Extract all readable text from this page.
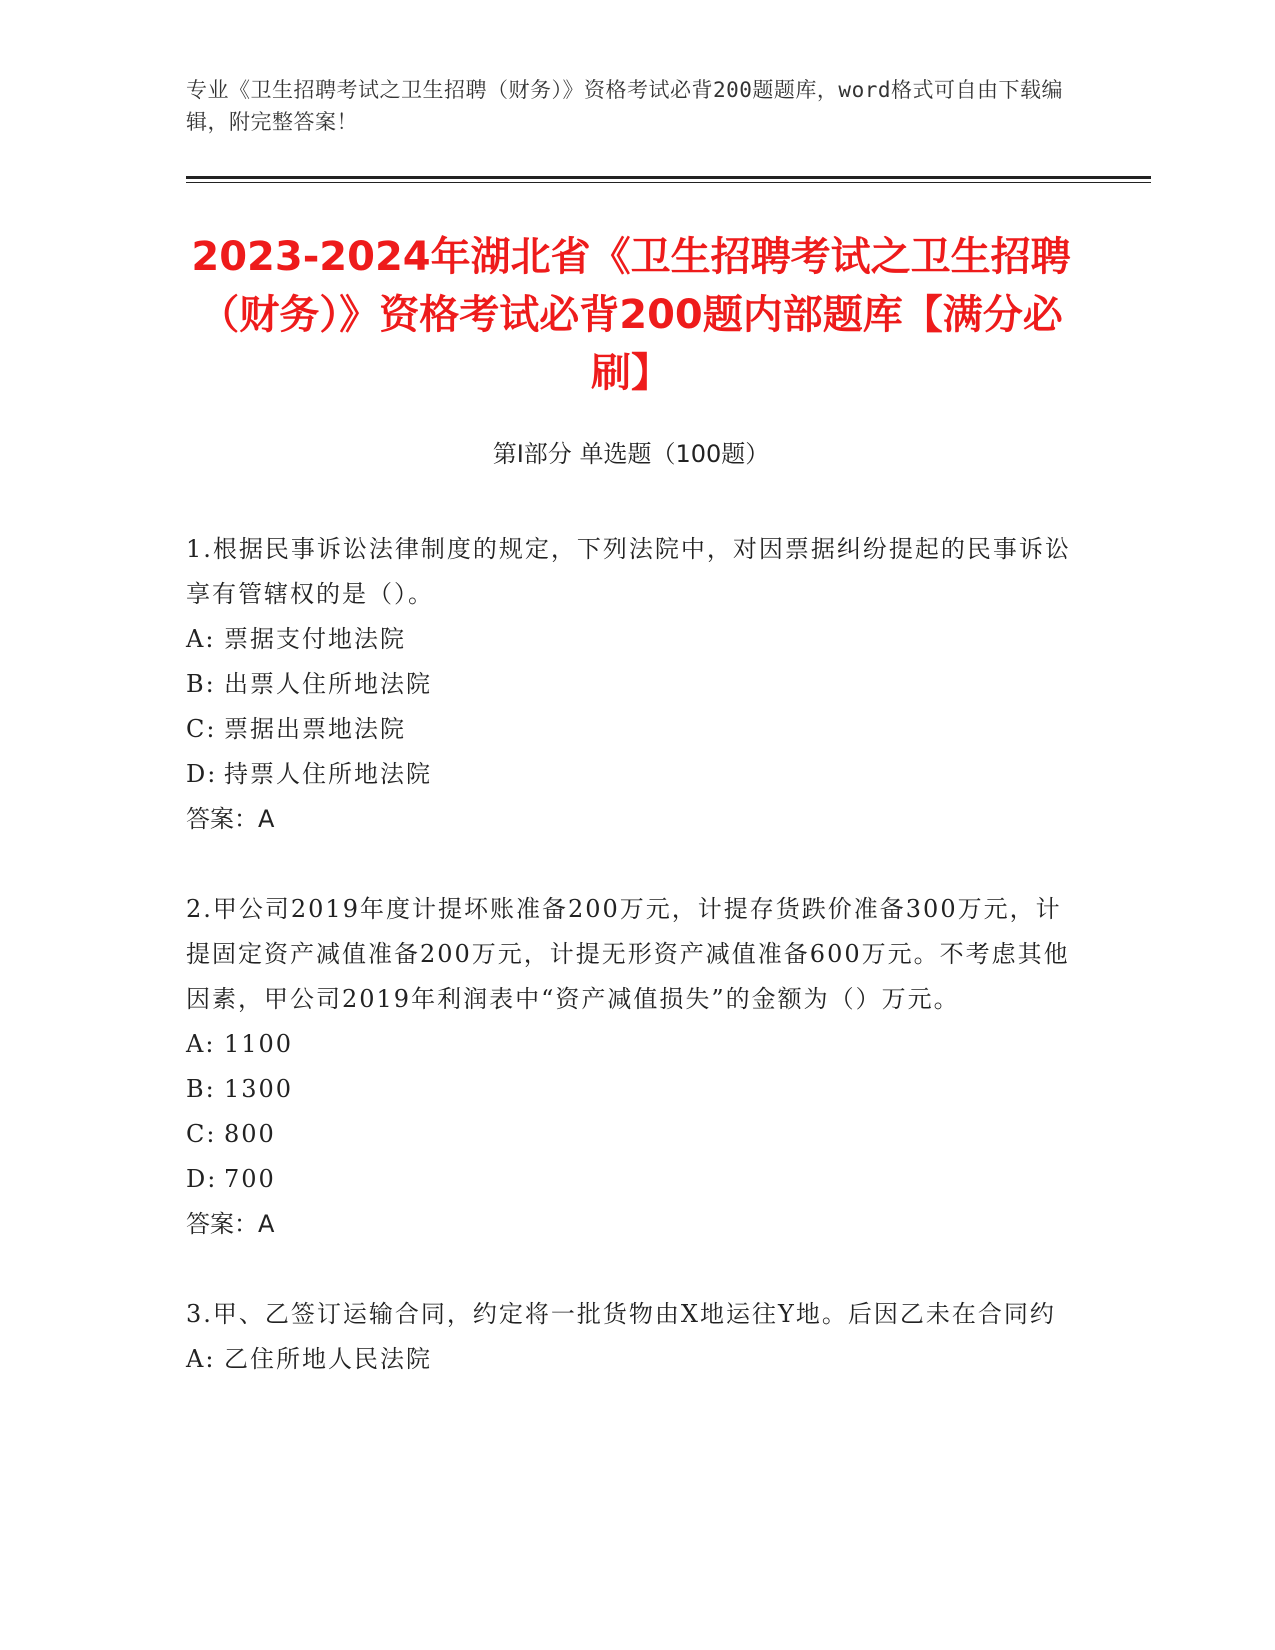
专业《卫生招聘考试之卫生招聘（财务）》资格考试必背200题题库，word格式可自由下载编辑，附完整答案！
2023-2024年湖北省《卫生招聘考试之卫生招聘（财务）》资格考试必背200题内部题库【满分必刷】
第I部分 单选题（100题）
1.根据民事诉讼法律制度的规定，下列法院中，对因票据纠纷提起的民事诉讼享有管辖权的是（）。
A: 票据支付地法院
B: 出票人住所地法院
C: 票据出票地法院
D: 持票人住所地法院
答案：A
2.甲公司2019年度计提坏账准备200万元，计提存货跌价准备300万元，计提固定资产减值准备200万元，计提无形资产减值准备600万元。不考虑其他因素，甲公司2019年利润表中“资产减值损失”的金额为（）万元。
A: 1100
B: 1300
C: 800
D: 700
答案：A
3.甲、乙签订运输合同，约定将一批货物由X地运往Y地。后因乙未在合同约
A: 乙住所地人民法院
